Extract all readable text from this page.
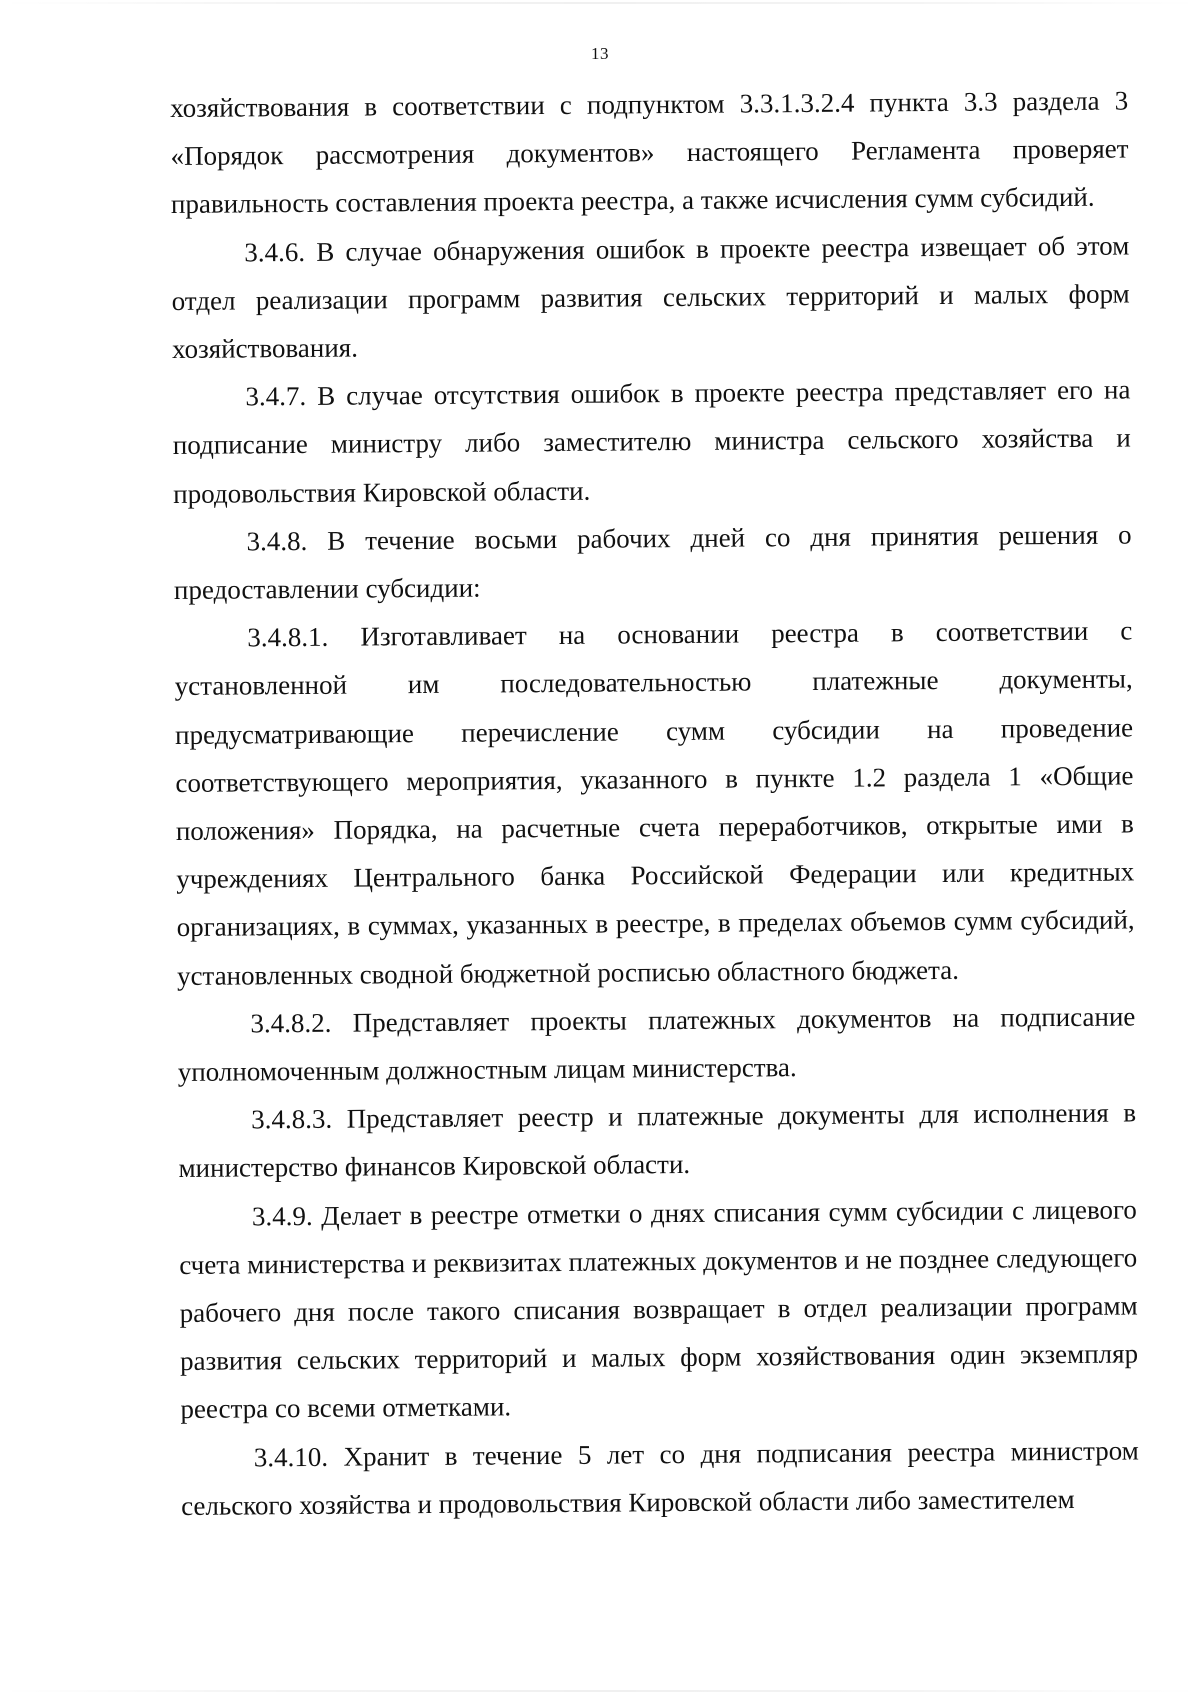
13

хозяйствования в соответствии с подпунктом 3.3.1.3.2.4 пункта 3.3 раздела 3 «Порядок рассмотрения документов» настоящего Регламента проверяет правильность составления проекта реестра, а также исчисления сумм субсидий.

3.4.6. В случае обнаружения ошибок в проекте реестра извещает об этом отдел реализации программ развития сельских территорий и малых форм хозяйствования.

3.4.7. В случае отсутствия ошибок в проекте реестра представляет его на подписание министру либо заместителю министра сельского хозяйства и продовольствия Кировской области.

3.4.8. В течение восьми рабочих дней со дня принятия решения о предоставлении субсидии:

3.4.8.1. Изготавливает на основании реестра в соответствии с установленной им последовательностью платежные документы, предусматривающие перечисление сумм субсидии на проведение соответствующего мероприятия, указанного в пункте 1.2 раздела 1 «Общие положения» Порядка, на расчетные счета переработчиков, открытые ими в учреждениях Центрального банка Российской Федерации или кредитных организациях, в суммах, указанных в реестре, в пределах объемов сумм субсидий, установленных сводной бюджетной росписью областного бюджета.

3.4.8.2. Представляет проекты платежных документов на подписание уполномоченным должностным лицам министерства.

3.4.8.3. Представляет реестр и платежные документы для исполнения в министерство финансов Кировской области.

3.4.9. Делает в реестре отметки о днях списания сумм субсидии с лицевого счета министерства и реквизитах платежных документов и не позднее следующего рабочего дня после такого списания возвращает в отдел реализации программ развития сельских территорий и малых форм хозяйствования один экземпляр реестра со всеми отметками.

3.4.10. Хранит в течение 5 лет со дня подписания реестра министром сельского хозяйства и продовольствия Кировской области либо заместителем
